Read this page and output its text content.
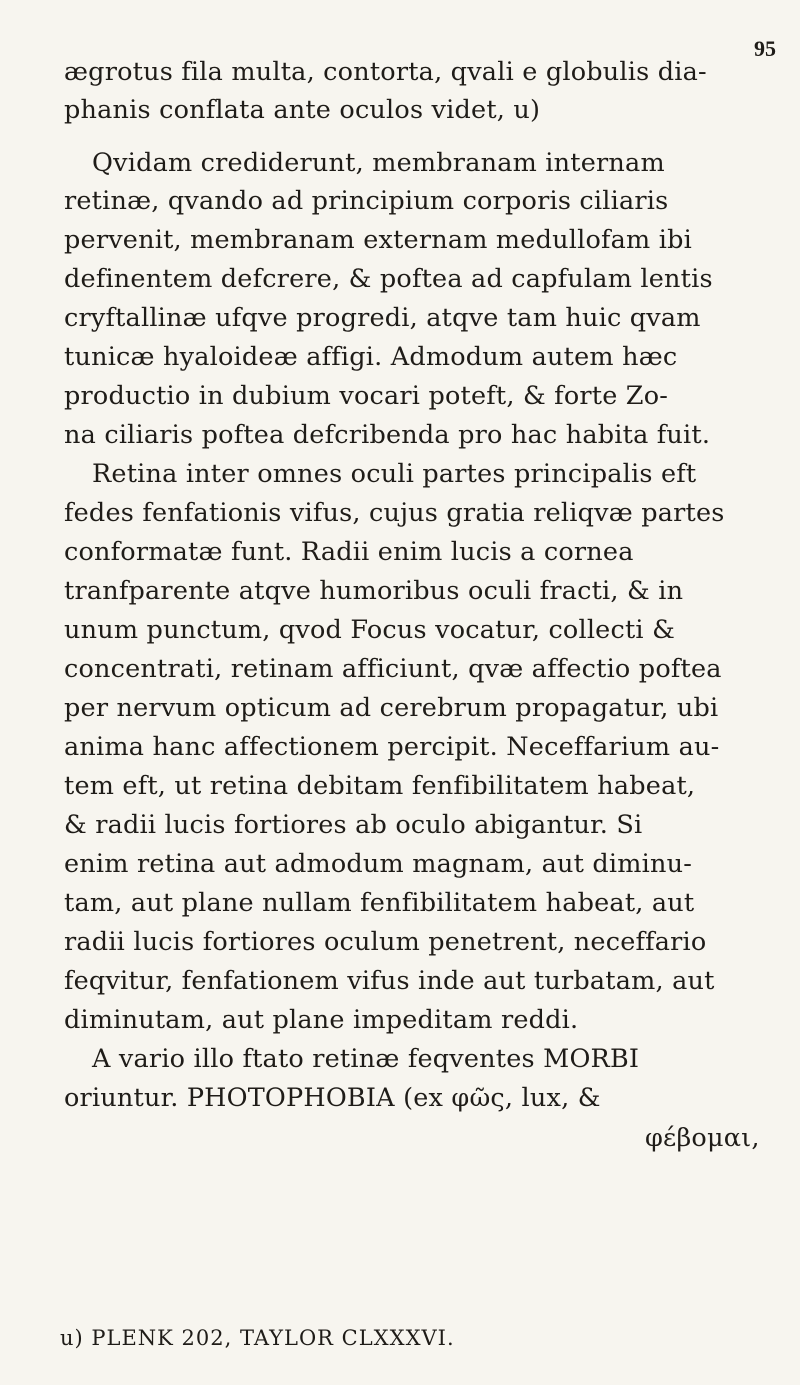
95
ægrotus fila multa, contorta, qvali e globulis dia-
phanis conflata ante oculos videt, u)
Qvidam crediderunt, membranam internam
retinæ, qvando ad principium corporis ciliaris
pervenit, membranam externam medullofam ibi
definentem defcrere, & poftea ad capfulam lentis
cryftallinæ ufqve progredi, atqve tam huic qvam
tunicæ hyaloideæ affigi. Admodum autem hæc
productio in dubium vocari poteft, & forte Zo-
na ciliaris poftea defcribenda pro hac habita fuit.
Retina inter omnes oculi partes principalis eft
fedes fenfationis vifus, cujus gratia reliqvæ partes
conformatæ funt. Radii enim lucis a cornea
tranfparente atqve humoribus oculi fracti, & in
unum punctum, qvod Focus vocatur, collecti &
concentrati, retinam afficiunt, qvæ affectio poftea
per nervum opticum ad cerebrum propagatur, ubi
anima hanc affectionem percipit. Neceffarium au-
tem eft, ut retina debitam fenfibilitatem habeat,
& radii lucis fortiores ab oculo abigantur. Si
enim retina aut admodum magnam, aut diminu-
tam, aut plane nullam fenfibilitatem habeat, aut
radii lucis fortiores oculum penetrent, neceffario
feqvitur, fenfationem vifus inde aut turbatam, aut
diminutam, aut plane impeditam reddi.
A vario illo ftato retinæ feqventes MORBI
oriuntur. PHOTOPHOBIA (ex φῶς, lux, &
φέβομαι,
u) PLENK 202, TAYLOR CLXXXVI.
